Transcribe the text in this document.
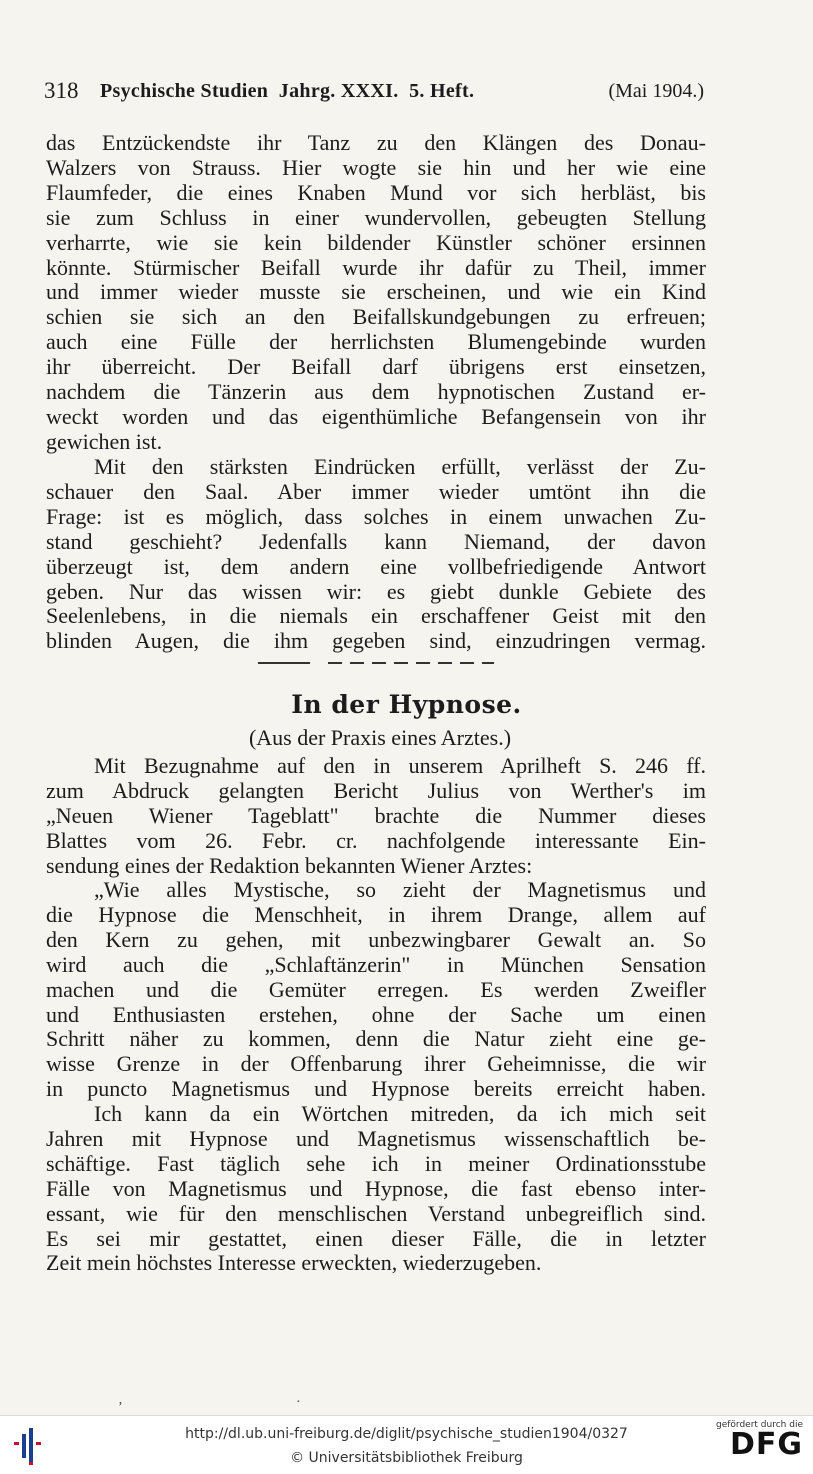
318 Psychische Studien  Jahrg. XXXI.  5. Heft.	(Mai 1904.)
das Entzückendste ihr Tanz zu den Klängen des Donau-
Walzers von Strauss. Hier wogte sie hin und her wie eine
Flaumfeder, die eines Knaben Mund vor sich herbläst, bis
sie zum Schluss in einer wundervollen, gebeugten Stellung
verharrte, wie sie kein bildender Künstler schöner ersinnen
könnte. Stürmischer Beifall wurde ihr dafür zu Theil, immer
und immer wieder musste sie erscheinen, und wie ein Kind
schien sie sich an den Beifallskundgebungen zu erfreuen;
auch eine Fülle der herrlichsten Blumengebinde wurden
ihr überreicht. Der Beifall darf übrigens erst einsetzen,
nachdem die Tänzerin aus dem hypnotischen Zustand er-
weckt worden und das eigenthümliche Befangensein von ihr
gewichen ist.
Mit den stärksten Eindrücken erfüllt, verlässt der Zu-
schauer den Saal. Aber immer wieder umtönt ihn die
Frage: ist es möglich, dass solches in einem unwachen Zu-
stand geschieht? Jedenfalls kann Niemand, der davon
überzeugt ist, dem andern eine vollbefriedigende Antwort
geben. Nur das wissen wir: es giebt dunkle Gebiete des
Seelenlebens, in die niemals ein erschaffener Geist mit den
blinden Augen, die ihm gegeben sind, einzudringen vermag.
In der Hypnose.
(Aus der Praxis eines Arztes.)
Mit Bezugnahme auf den in unserem Aprilheft S. 246 ff.
zum Abdruck gelangten Bericht Julius von Werther's im
„Neuen Wiener Tageblatt" brachte die Nummer dieses
Blattes vom 26. Febr. cr. nachfolgende interessante Ein-
sendung eines der Redaktion bekannten Wiener Arztes:
„Wie alles Mystische, so zieht der Magnetismus und
die Hypnose die Menschheit, in ihrem Drange, allem auf
den Kern zu gehen, mit unbezwingbarer Gewalt an. So
wird auch die „Schlaftänzerin" in München Sensation
machen und die Gemüter erregen. Es werden Zweifler
und Enthusiasten erstehen, ohne der Sache um einen
Schritt näher zu kommen, denn die Natur zieht eine ge-
wisse Grenze in der Offenbarung ihrer Geheimnisse, die wir
in puncto Magnetismus und Hypnose bereits erreicht haben.
Ich kann da ein Wörtchen mitreden, da ich mich seit
Jahren mit Hypnose und Magnetismus wissenschaftlich be-
schäftige. Fast täglich sehe ich in meiner Ordinationsstube
Fälle von Magnetismus und Hypnose, die fast ebenso inter-
essant, wie für den menschlischen Verstand unbegreiflich sind.
Es sei mir gestattet, einen dieser Fälle, die in letzter
Zeit mein höchstes Interesse erweckten, wiederzugeben.
ʼ	·
http://dl.ub.uni-freiburg.de/diglit/psychische_studien1904/0327
© Universitätsbibliothek Freiburg
gefördert durch die
DFG
